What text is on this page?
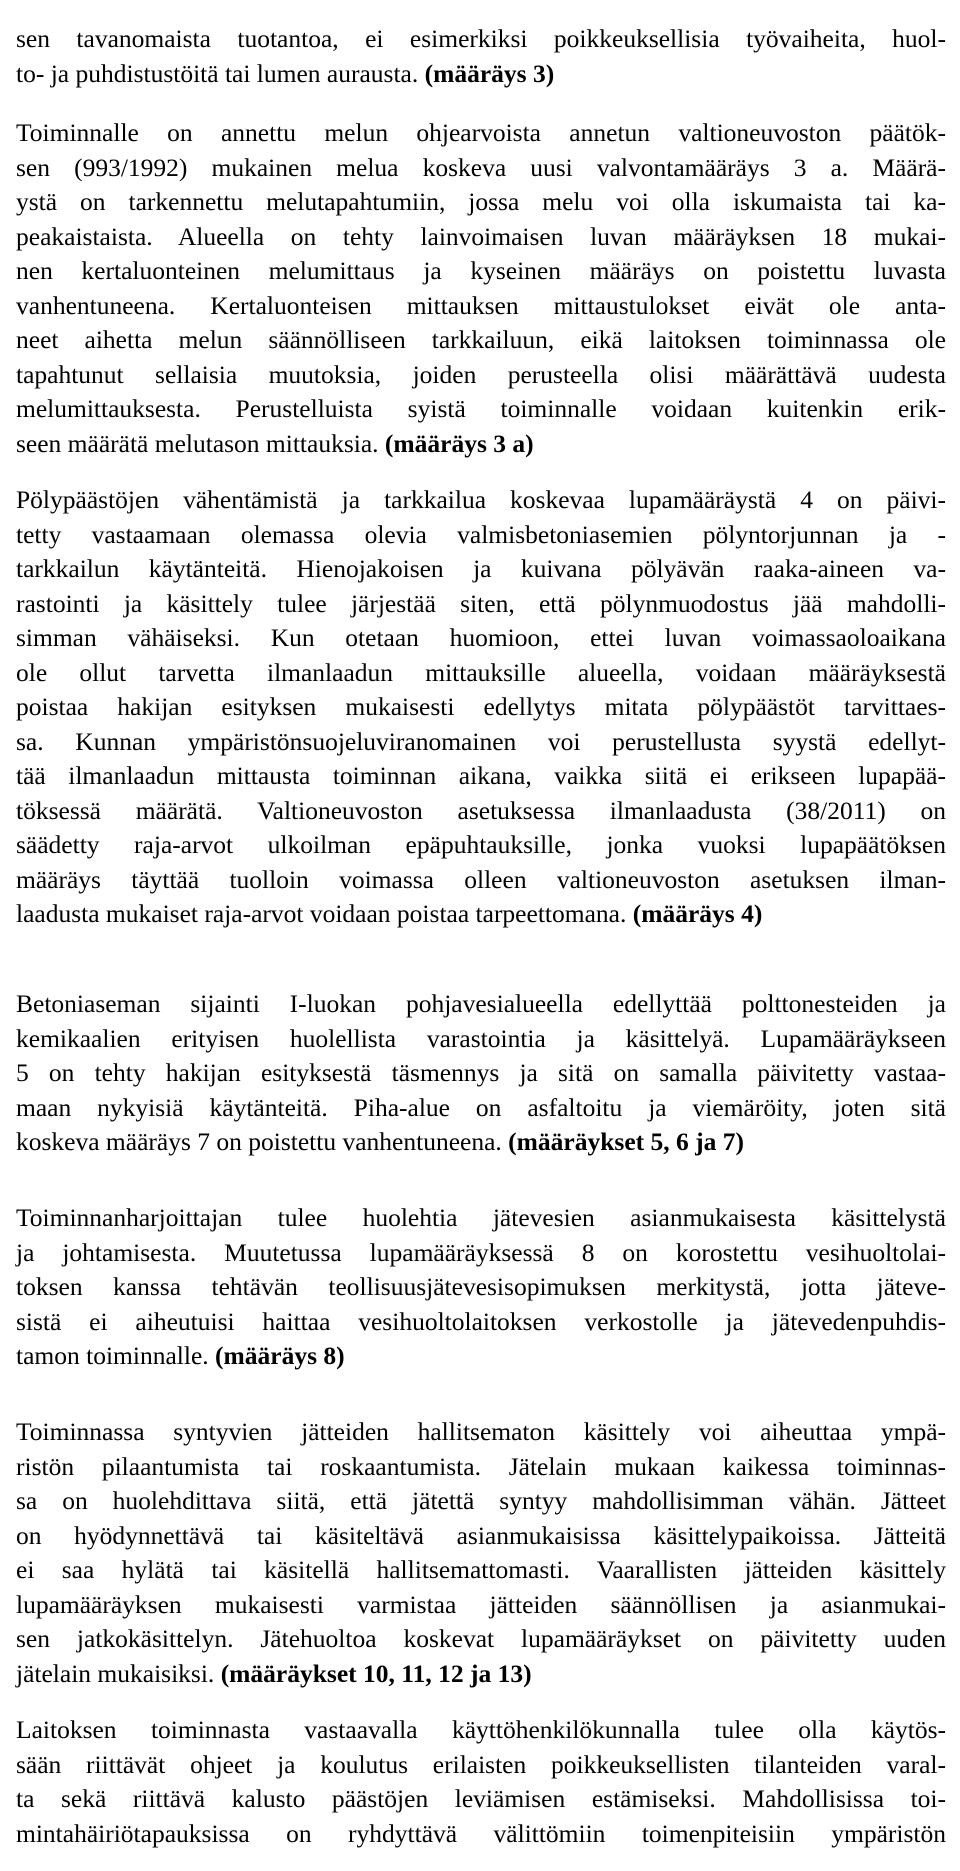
sen tavanomaista tuotantoa, ei esimerkiksi poikkeuksellisia työvaiheita, huol-
to- ja puhdistustöitä tai lumen aurausta. (määräys 3)
Toiminnalle on annettu melun ohjearvoista annetun valtioneuvoston päätök-
sen (993/1992) mukainen melua koskeva uusi valvontamääräys 3 a. Määrä-
ystä on tarkennettu melutapahtumiin, jossa melu voi olla iskumaista tai ka-
peakaistaista. Alueella on tehty lainvoimaisen luvan määräyksen 18 mukai-
nen kertaluonteinen melumittaus ja kyseinen määräys on poistettu luvasta
vanhentuneena. Kertaluonteisen mittauksen mittaustulokset eivät ole anta-
neet aihetta melun säännölliseen tarkkailuun, eikä laitoksen toiminnassa ole
tapahtunut sellaisia muutoksia, joiden perusteella olisi määrättävä uudesta
melumittauksesta. Perustelluista syistä toiminnalle voidaan kuitenkin erik-
seen määrätä melutason mittauksia. (määräys 3 a)
Pölypäästöjen vähentämistä ja tarkkailua koskevaa lupamääräystä 4 on päivi-
tetty vastaamaan olemassa olevia valmisbetoniasemien pölyntorjunnan ja -
tarkkailun käytänteitä. Hienojakoisen ja kuivana pölyävän raaka-aineen va-
rastointi ja käsittely tulee järjestää siten, että pölynmuodostus jää mahdolli-
simman vähäiseksi. Kun otetaan huomioon, ettei luvan voimassaoloaikana
ole ollut tarvetta ilmanlaadun mittauksille alueella, voidaan määräyksestä
poistaa hakijan esityksen mukaisesti edellytys mitata pölypäästöt tarvittaes-
sa. Kunnan ympäristönsuojeluviranomainen voi perustellusta syystä edellyt-
tää ilmanlaadun mittausta toiminnan aikana, vaikka siitä ei erikseen lupapää-
töksessä määrätä. Valtioneuvoston asetuksessa ilmanlaadusta (38/2011) on
säädetty raja-arvot ulkoilman epäpuhtauksille, jonka vuoksi lupapäätöksen
määräys täyttää tuolloin voimassa olleen valtioneuvoston asetuksen ilman-
laadusta mukaiset raja-arvot voidaan poistaa tarpeettomana. (määräys 4)
Betoniaseman sijainti I-luokan pohjavesialueella edellyttää polttonesteiden ja
kemikaalien erityisen huolellista varastointia ja käsittelyä. Lupamääräykseen
5 on tehty hakijan esityksestä täsmennys ja sitä on samalla päivitetty vastaa-
maan nykyisiä käytänteitä. Piha-alue on asfaltoitu ja viemäröity, joten sitä
koskeva määräys 7 on poistettu vanhentuneena. (määräykset 5, 6 ja 7)
Toiminnanharjoittajan tulee huolehtia jätevesien asianmukaisesta käsittelystä
ja johtamisesta. Muutetussa lupamääräyksessä 8 on korostettu vesihuoltolai-
toksen kanssa tehtävän teollisuusjätevesisopimuksen merkitystä, jotta jäteve-
sistä ei aiheutuisi haittaa vesihuoltolaitoksen verkostolle ja jätevedenpuhdis-
tamon toiminnalle. (määräys 8)
Toiminnassa syntyvien jätteiden hallitsematon käsittely voi aiheuttaa ympä-
ristön pilaantumista tai roskaantumista. Jätelain mukaan kaikessa toiminnas-
sa on huolehdittava siitä, että jätettä syntyy mahdollisimman vähän. Jätteet
on hyödynnettävä tai käsiteltävä asianmukaisissa käsittelypaikoissa. Jätteitä
ei saa hylätä tai käsitellä hallitsemattomasti. Vaarallisten jätteiden käsittely
lupamääräyksen mukaisesti varmistaa jätteiden säännöllisen ja asianmukai-
sen jatkokäsittelyn. Jätehuoltoa koskevat lupamääräykset on päivitetty uuden
jätelain mukaisiksi. (määräykset 10, 11, 12 ja 13)
Laitoksen toiminnasta vastaavalla käyttöhenkilökunnalla tulee olla käytös-
sään riittävät ohjeet ja koulutus erilaisten poikkeuksellisten tilanteiden varal-
ta sekä riittävä kalusto päästöjen leviämisen estämiseksi. Mahdollisissa toi-
mintahäiriötapauksissa on ryhdyttävä välittömiin toimenpiteisiin ympäristön
